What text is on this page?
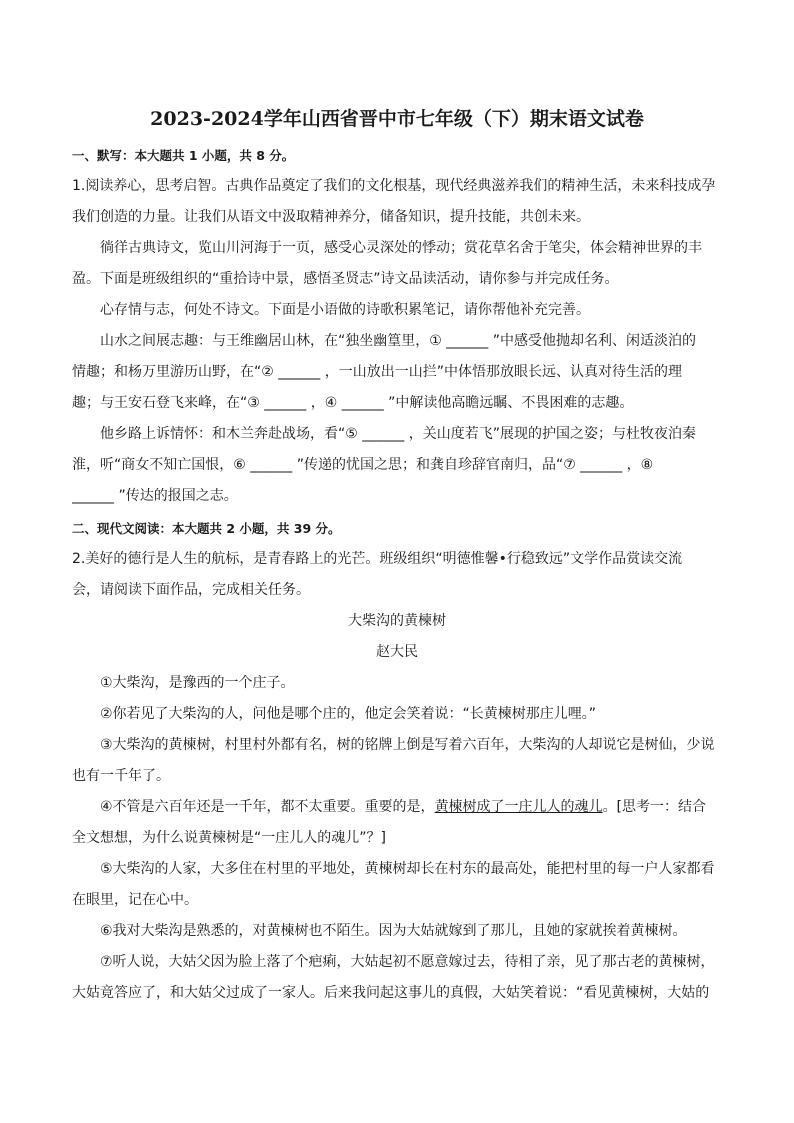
2023-2024学年山西省晋中市七年级（下）期末语文试卷
一、默写：本大题共 1 小题，共 8 分。
1.阅读养心，思考启智。古典作品奠定了我们的文化根基，现代经典滋养我们的精神生活，未来科技成孕
我们创造的力量。让我们从语文中汲取精神养分，储备知识，提升技能，共创未来。
徜徉古典诗文，览山川河海于一页，感受心灵深处的悸动；赏花草名舍于笔尖，体会精神世界的丰
盈。下面是班级组织的“重拾诗中景，感悟圣贤志”诗文品读活动，请你参与并完成任务。
心存情与志，何处不诗文。下面是小语做的诗歌积累笔记，请你帮他补充完善。
山水之间展志趣：与王维幽居山林，在“独坐幽篁里，① ______ ”中感受他抛却名利、闲适淡泊的
情趣；和杨万里游历山野，在“② ______ ，一山放出一山拦”中体悟那放眼长远、认真对待生活的理
趣；与王安石登飞来峰，在“③ ______ ，④ ______ ”中解读他高瞻远瞩、不畏困难的志趣。
他乡路上诉情怀：和木兰奔赴战场，看“⑤ ______ ，关山度若飞”展现的护国之姿；与杜牧夜泊秦
淮，听“商女不知亡国恨，⑥ ______ ”传递的忧国之思；和龚自珍辞官南归，品“⑦ ______ ，⑧
______ ”传达的报国之志。
二、现代文阅读：本大题共 2 小题，共 39 分。
2.美好的德行是人生的航标，是青春路上的光芒。班级组织“明德惟馨•行稳致远”文学作品赏读交流
会，请阅读下面作品，完成相关任务。
大柴沟的黄楝树
赵大民
①大柴沟，是豫西的一个庄子。
②你若见了大柴沟的人，问他是哪个庄的，他定会笑着说：“长黄楝树那庄儿哩。”
③大柴沟的黄楝树，村里村外都有名，树的铭牌上倒是写着六百年，大柴沟的人却说它是树仙，少说
也有一千年了。
④不管是六百年还是一千年，都不太重要。重要的是，黄楝树成了一庄儿人的魂儿。[思考一：结合
全文想想，为什么说黄楝树是“一庄儿人的魂儿”？]
⑤大柴沟的人家，大多住在村里的平地处，黄楝树却长在村东的最高处，能把村里的每一户人家都看
在眼里，记在心中。
⑥我对大柴沟是熟悉的，对黄楝树也不陌生。因为大姑就嫁到了那儿，且她的家就挨着黄楝树。
⑦听人说，大姑父因为脸上落了个疤痢，大姑起初不愿意嫁过去，待相了亲，见了那古老的黄楝树，
大姑竟答应了，和大姑父过成了一家人。后来我问起这事儿的真假，大姑笑着说：“看见黄楝树，大姑的
